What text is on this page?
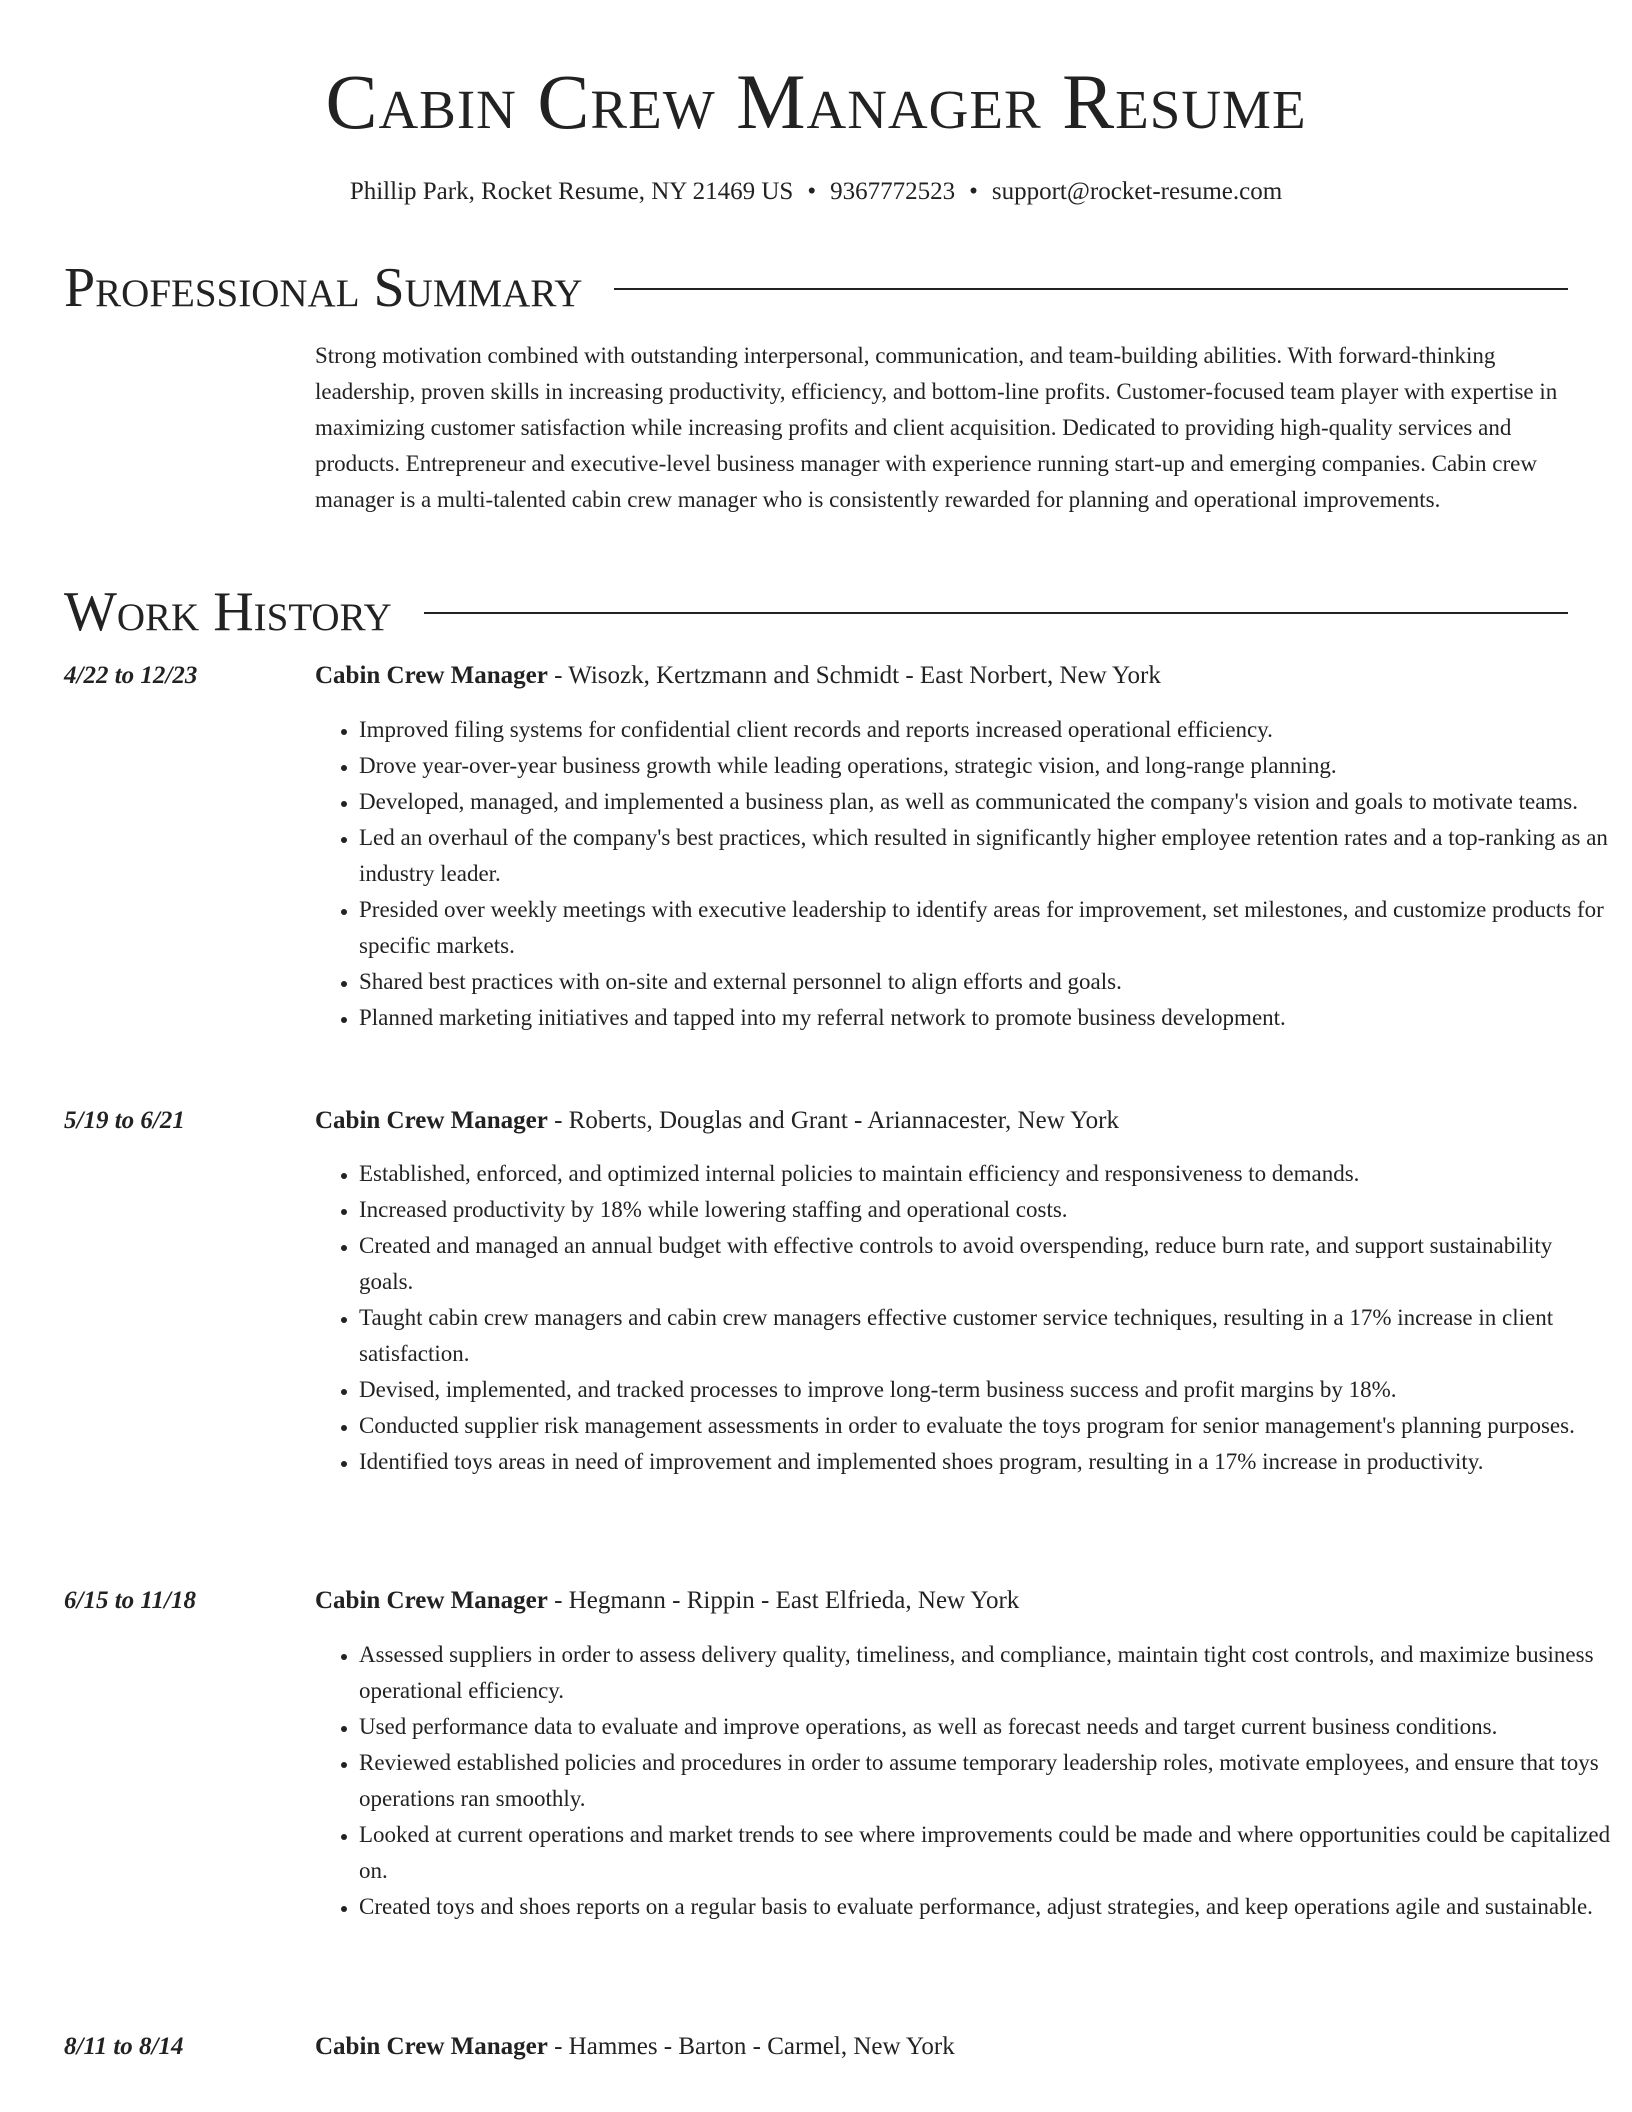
Cabin Crew Manager Resume
Phillip Park, Rocket Resume, NY 21469 US • 9367772523 • support@rocket-resume.com
Professional Summary
Strong motivation combined with outstanding interpersonal, communication, and team-building abilities. With forward-thinking leadership, proven skills in increasing productivity, efficiency, and bottom-line profits. Customer-focused team player with expertise in maximizing customer satisfaction while increasing profits and client acquisition. Dedicated to providing high-quality services and products. Entrepreneur and executive-level business manager with experience running start-up and emerging companies. Cabin crew manager is a multi-talented cabin crew manager who is consistently rewarded for planning and operational improvements.
Work History
4/22 to 12/23	Cabin Crew Manager - Wisozk, Kertzmann and Schmidt - East Norbert, New York
• Improved filing systems for confidential client records and reports increased operational efficiency.
• Drove year-over-year business growth while leading operations, strategic vision, and long-range planning.
• Developed, managed, and implemented a business plan, as well as communicated the company's vision and goals to motivate teams.
• Led an overhaul of the company's best practices, which resulted in significantly higher employee retention rates and a top-ranking as an industry leader.
• Presided over weekly meetings with executive leadership to identify areas for improvement, set milestones, and customize products for specific markets.
• Shared best practices with on-site and external personnel to align efforts and goals.
• Planned marketing initiatives and tapped into my referral network to promote business development.
5/19 to 6/21	Cabin Crew Manager - Roberts, Douglas and Grant - Ariannacester, New York
• Established, enforced, and optimized internal policies to maintain efficiency and responsiveness to demands.
• Increased productivity by 18% while lowering staffing and operational costs.
• Created and managed an annual budget with effective controls to avoid overspending, reduce burn rate, and support sustainability goals.
• Taught cabin crew managers and cabin crew managers effective customer service techniques, resulting in a 17% increase in client satisfaction.
• Devised, implemented, and tracked processes to improve long-term business success and profit margins by 18%.
• Conducted supplier risk management assessments in order to evaluate the toys program for senior management's planning purposes.
• Identified toys areas in need of improvement and implemented shoes program, resulting in a 17% increase in productivity.
6/15 to 11/18	Cabin Crew Manager - Hegmann - Rippin - East Elfrieda, New York
• Assessed suppliers in order to assess delivery quality, timeliness, and compliance, maintain tight cost controls, and maximize business operational efficiency.
• Used performance data to evaluate and improve operations, as well as forecast needs and target current business conditions.
• Reviewed established policies and procedures in order to assume temporary leadership roles, motivate employees, and ensure that toys operations ran smoothly.
• Looked at current operations and market trends to see where improvements could be made and where opportunities could be capitalized on.
• Created toys and shoes reports on a regular basis to evaluate performance, adjust strategies, and keep operations agile and sustainable.
8/11 to 8/14	Cabin Crew Manager - Hammes - Barton - Carmel, New York
